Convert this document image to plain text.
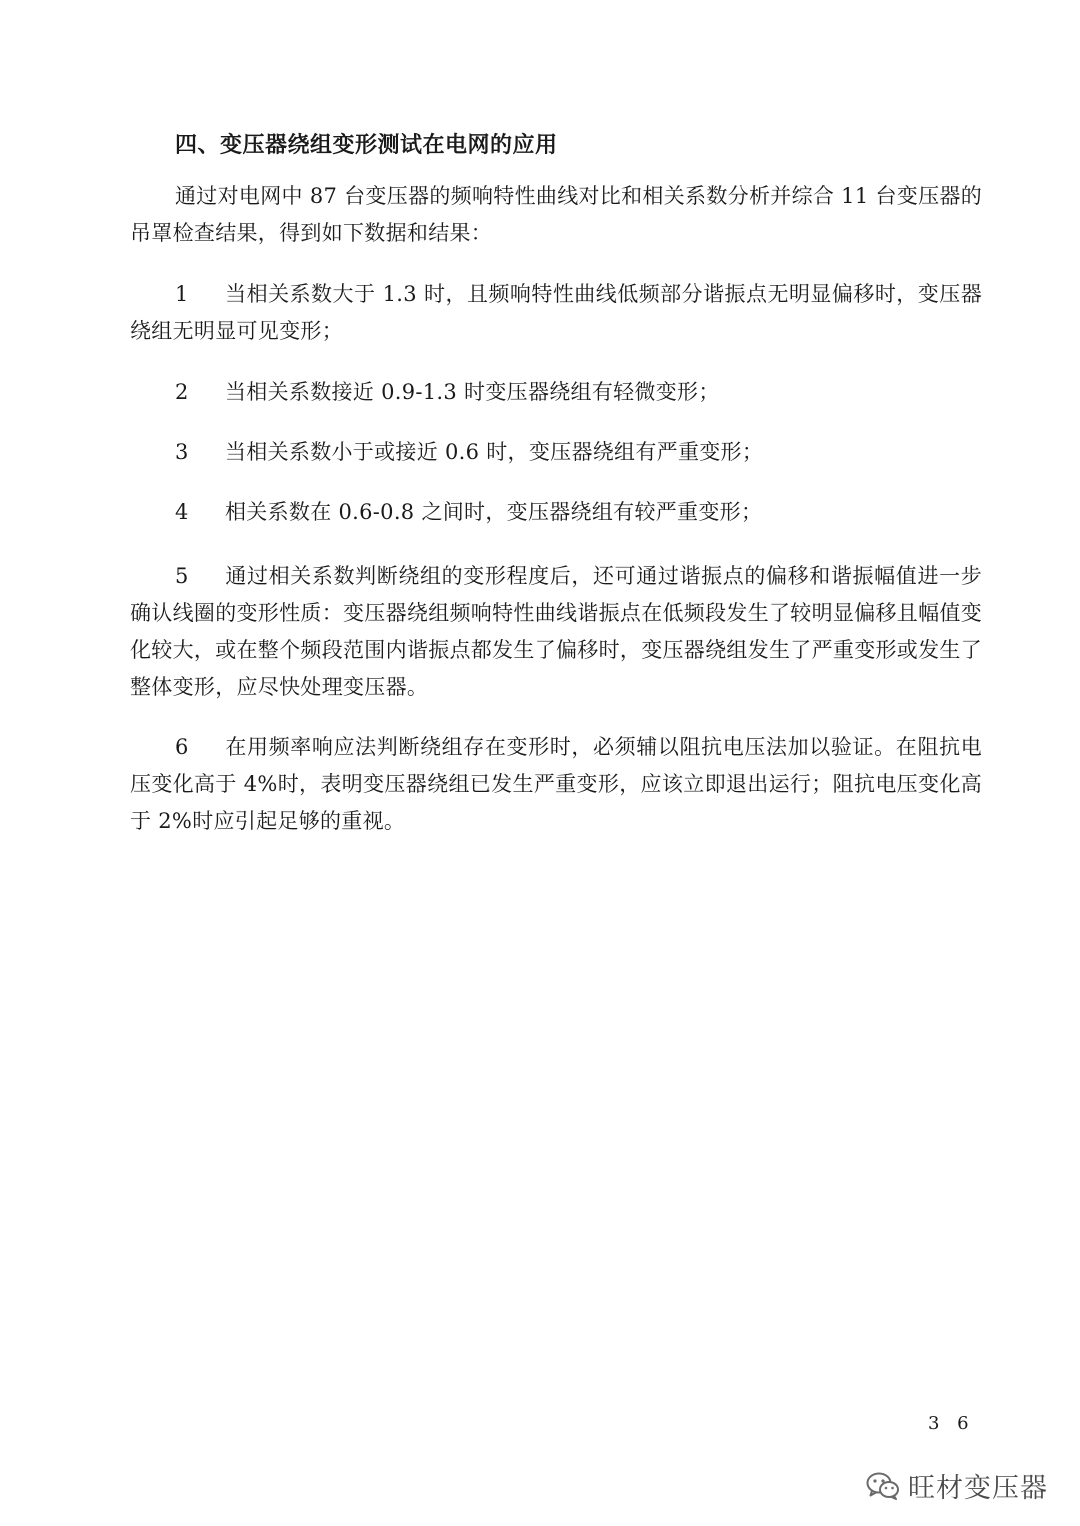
四、变压器绕组变形测试在电网的应用

通过对电网中 87 台变压器的频响特性曲线对比和相关系数分析并综合 11 台变压器的吊罩检查结果，得到如下数据和结果：

1 当相关系数大于 1.3 时，且频响特性曲线低频部分谐振点无明显偏移时，变压器绕组无明显可见变形；

2 当相关系数接近 0.9-1.3 时变压器绕组有轻微变形；

3 当相关系数小于或接近 0.6 时，变压器绕组有严重变形；

4 相关系数在 0.6-0.8 之间时，变压器绕组有较严重变形；

5 通过相关系数判断绕组的变形程度后，还可通过谐振点的偏移和谐振幅值进一步确认线圈的变形性质：变压器绕组频响特性曲线谐振点在低频段发生了较明显偏移且幅值变化较大，或在整个频段范围内谐振点都发生了偏移时，变压器绕组发生了严重变形或发生了整体变形，应尽快处理变压器。

6 在用频率响应法判断绕组存在变形时，必须辅以阻抗电压法加以验证。在阻抗电压变化高于 4%时，表明变压器绕组已发生严重变形，应该立即退出运行；阻抗电压变化高于 2%时应引起足够的重视。

3 6
旺材变压器
